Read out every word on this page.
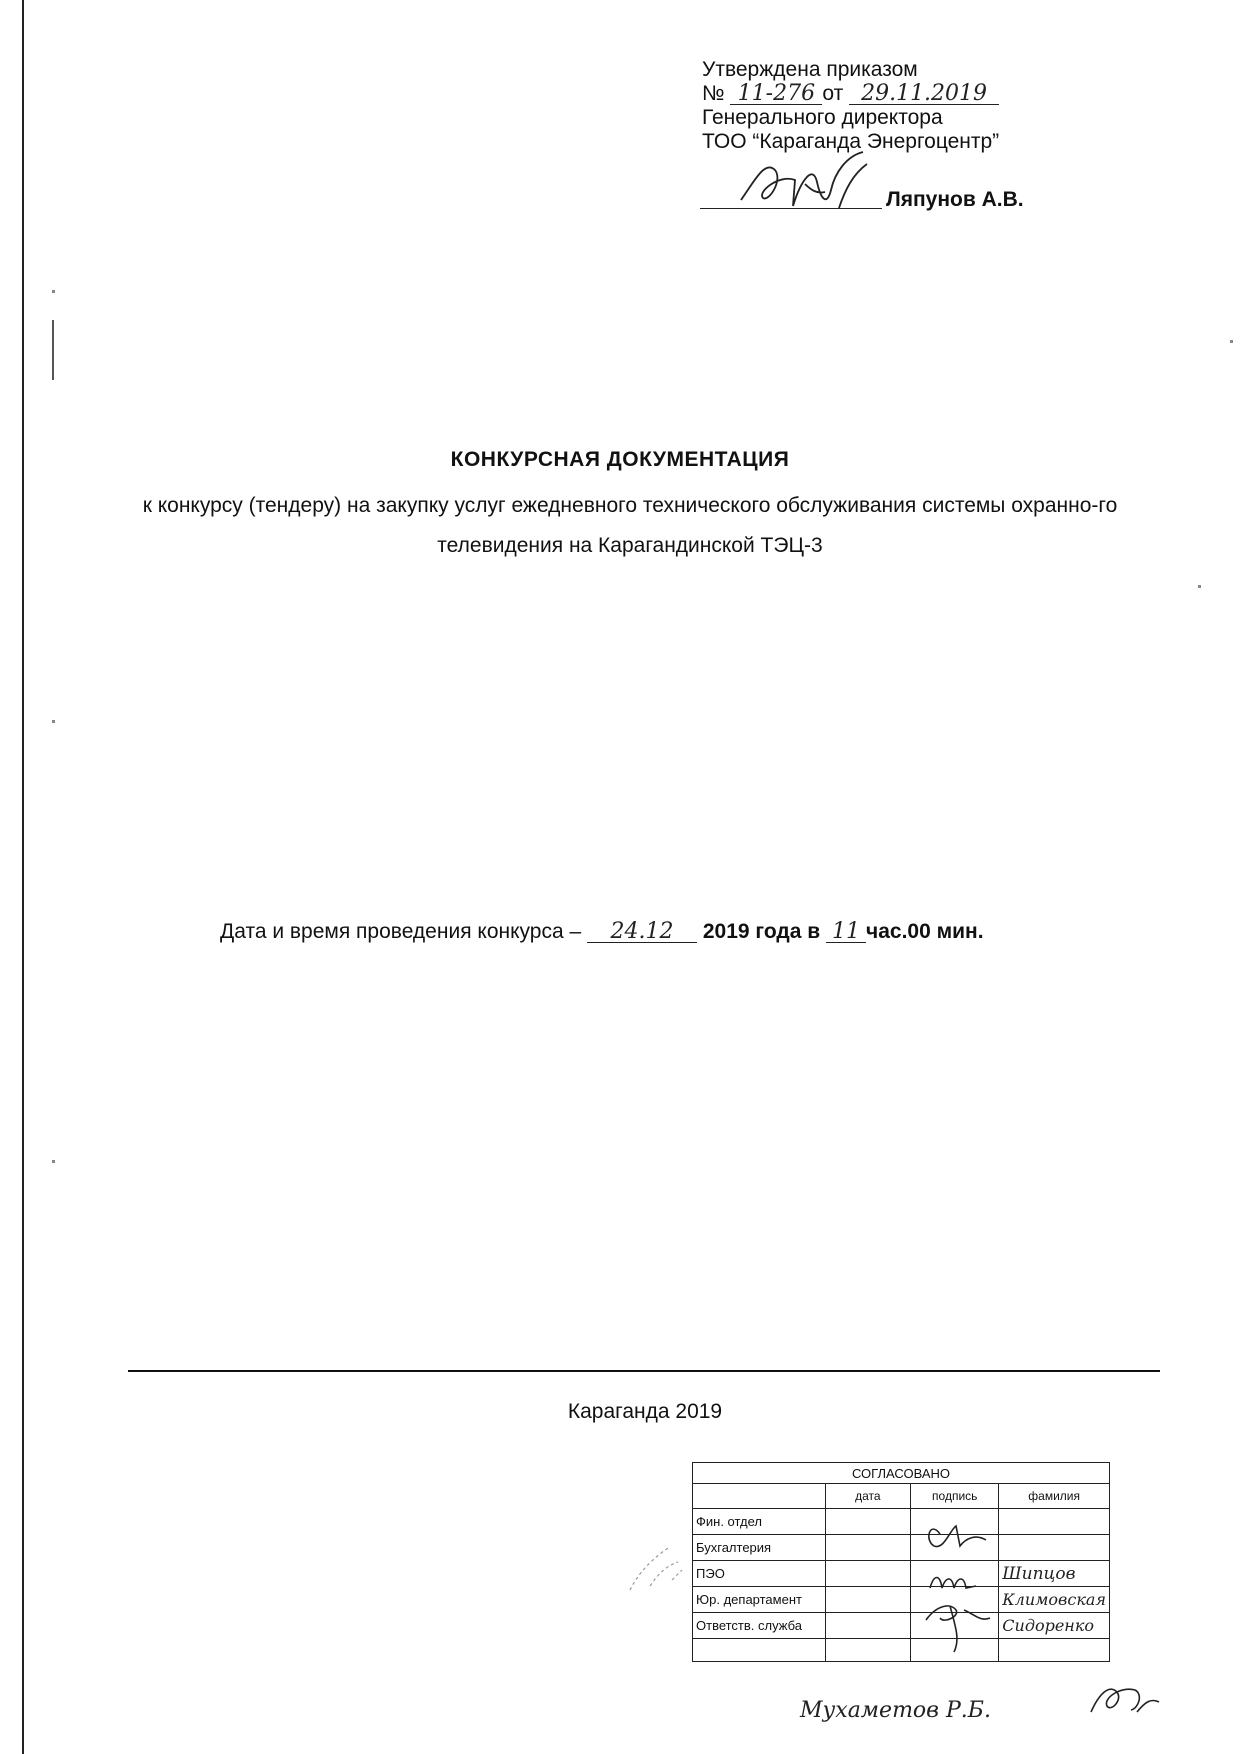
Утверждена приказом
№ 11-276 от 29.11.2019
Генерального директора
ТОО “Караганда Энергоцентр”
Ляпунов А.В.
КОНКУРСНАЯ ДОКУМЕНТАЦИЯ
к конкурсу (тендеру) на закупку услуг ежедневного технического обслуживания системы охранно-го телевидения на Карагандинской ТЭЦ-3
Дата и время проведения конкурса – 24.12 2019 года в 11 час.00 мин.
Караганда 2019
СОГЛАСОВАНО			
	дата	подпись	фамилия
Фин. отдел			
Бухгалтерия			
ПЭО			Шипцов
Юр. департамент			Климовская
Ответств. служба			Сидоренко

Мухаметов Р.Б.
